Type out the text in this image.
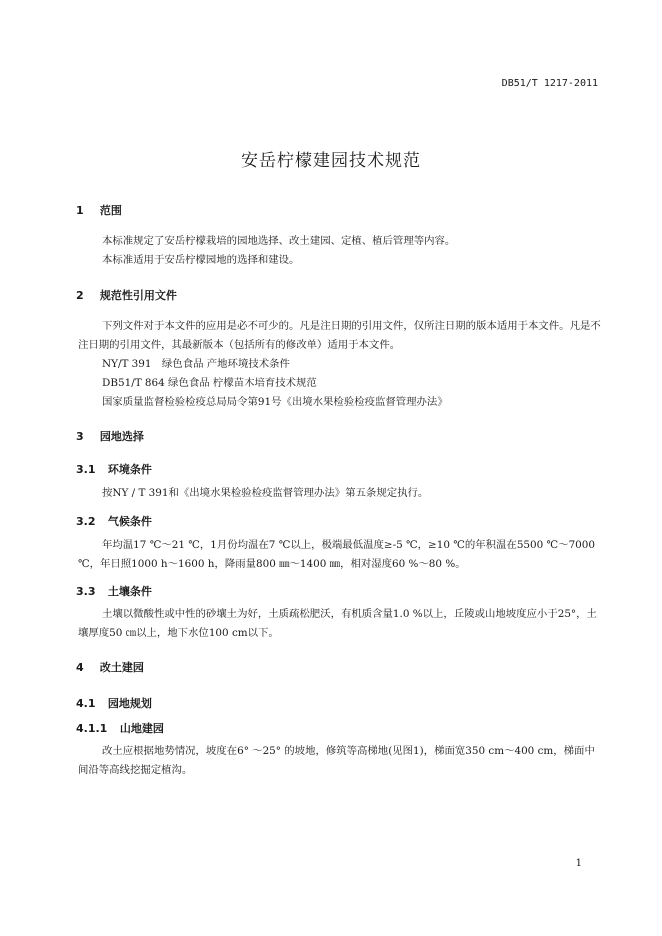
DB51/T 1217-2011
安岳柠檬建园技术规范
1 范围
本标准规定了安岳柠檬栽培的园地选择、改土建园、定植、植后管理等内容。
本标准适用于安岳柠檬园地的选择和建设。
2 规范性引用文件
下列文件对于本文件的应用是必不可少的。凡是注日期的引用文件，仅所注日期的版本适用于本文件。凡是不注日期的引用文件，其最新版本（包括所有的修改单）适用于本文件。
NY/T 391　绿色食品 产地环境技术条件
DB51/T 864 绿色食品 柠檬苗木培育技术规范
国家质量监督检验检疫总局局令第91号《出境水果检验检疫监督管理办法》
3 园地选择
3.1 环境条件
按NY / T 391和《出境水果检验检疫监督管理办法》第五条规定执行。
3.2 气候条件
年均温17 ℃～21 ℃，1月份均温在7 ℃以上，极端最低温度≥-5 ℃，≥10 ℃的年积温在5500 ℃～7000 ℃，年日照1000 h～1600 h，降雨量800 ㎜～1400 ㎜，相对湿度60 %～80 %。
3.3 土壤条件
土壤以微酸性或中性的砂壤土为好，土质疏松肥沃，有机质含量1.0 %以上，丘陵或山地坡度应小于25°，土壤厚度50 ㎝以上，地下水位100 cm以下。
4 改土建园
4.1 园地规划
4.1.1 山地建园
改土应根据地势情况，坡度在6° ～25° 的坡地，修筑等高梯地(见图1)，梯面宽350 cm～400 cm，梯面中间沿等高线挖掘定植沟。
1
